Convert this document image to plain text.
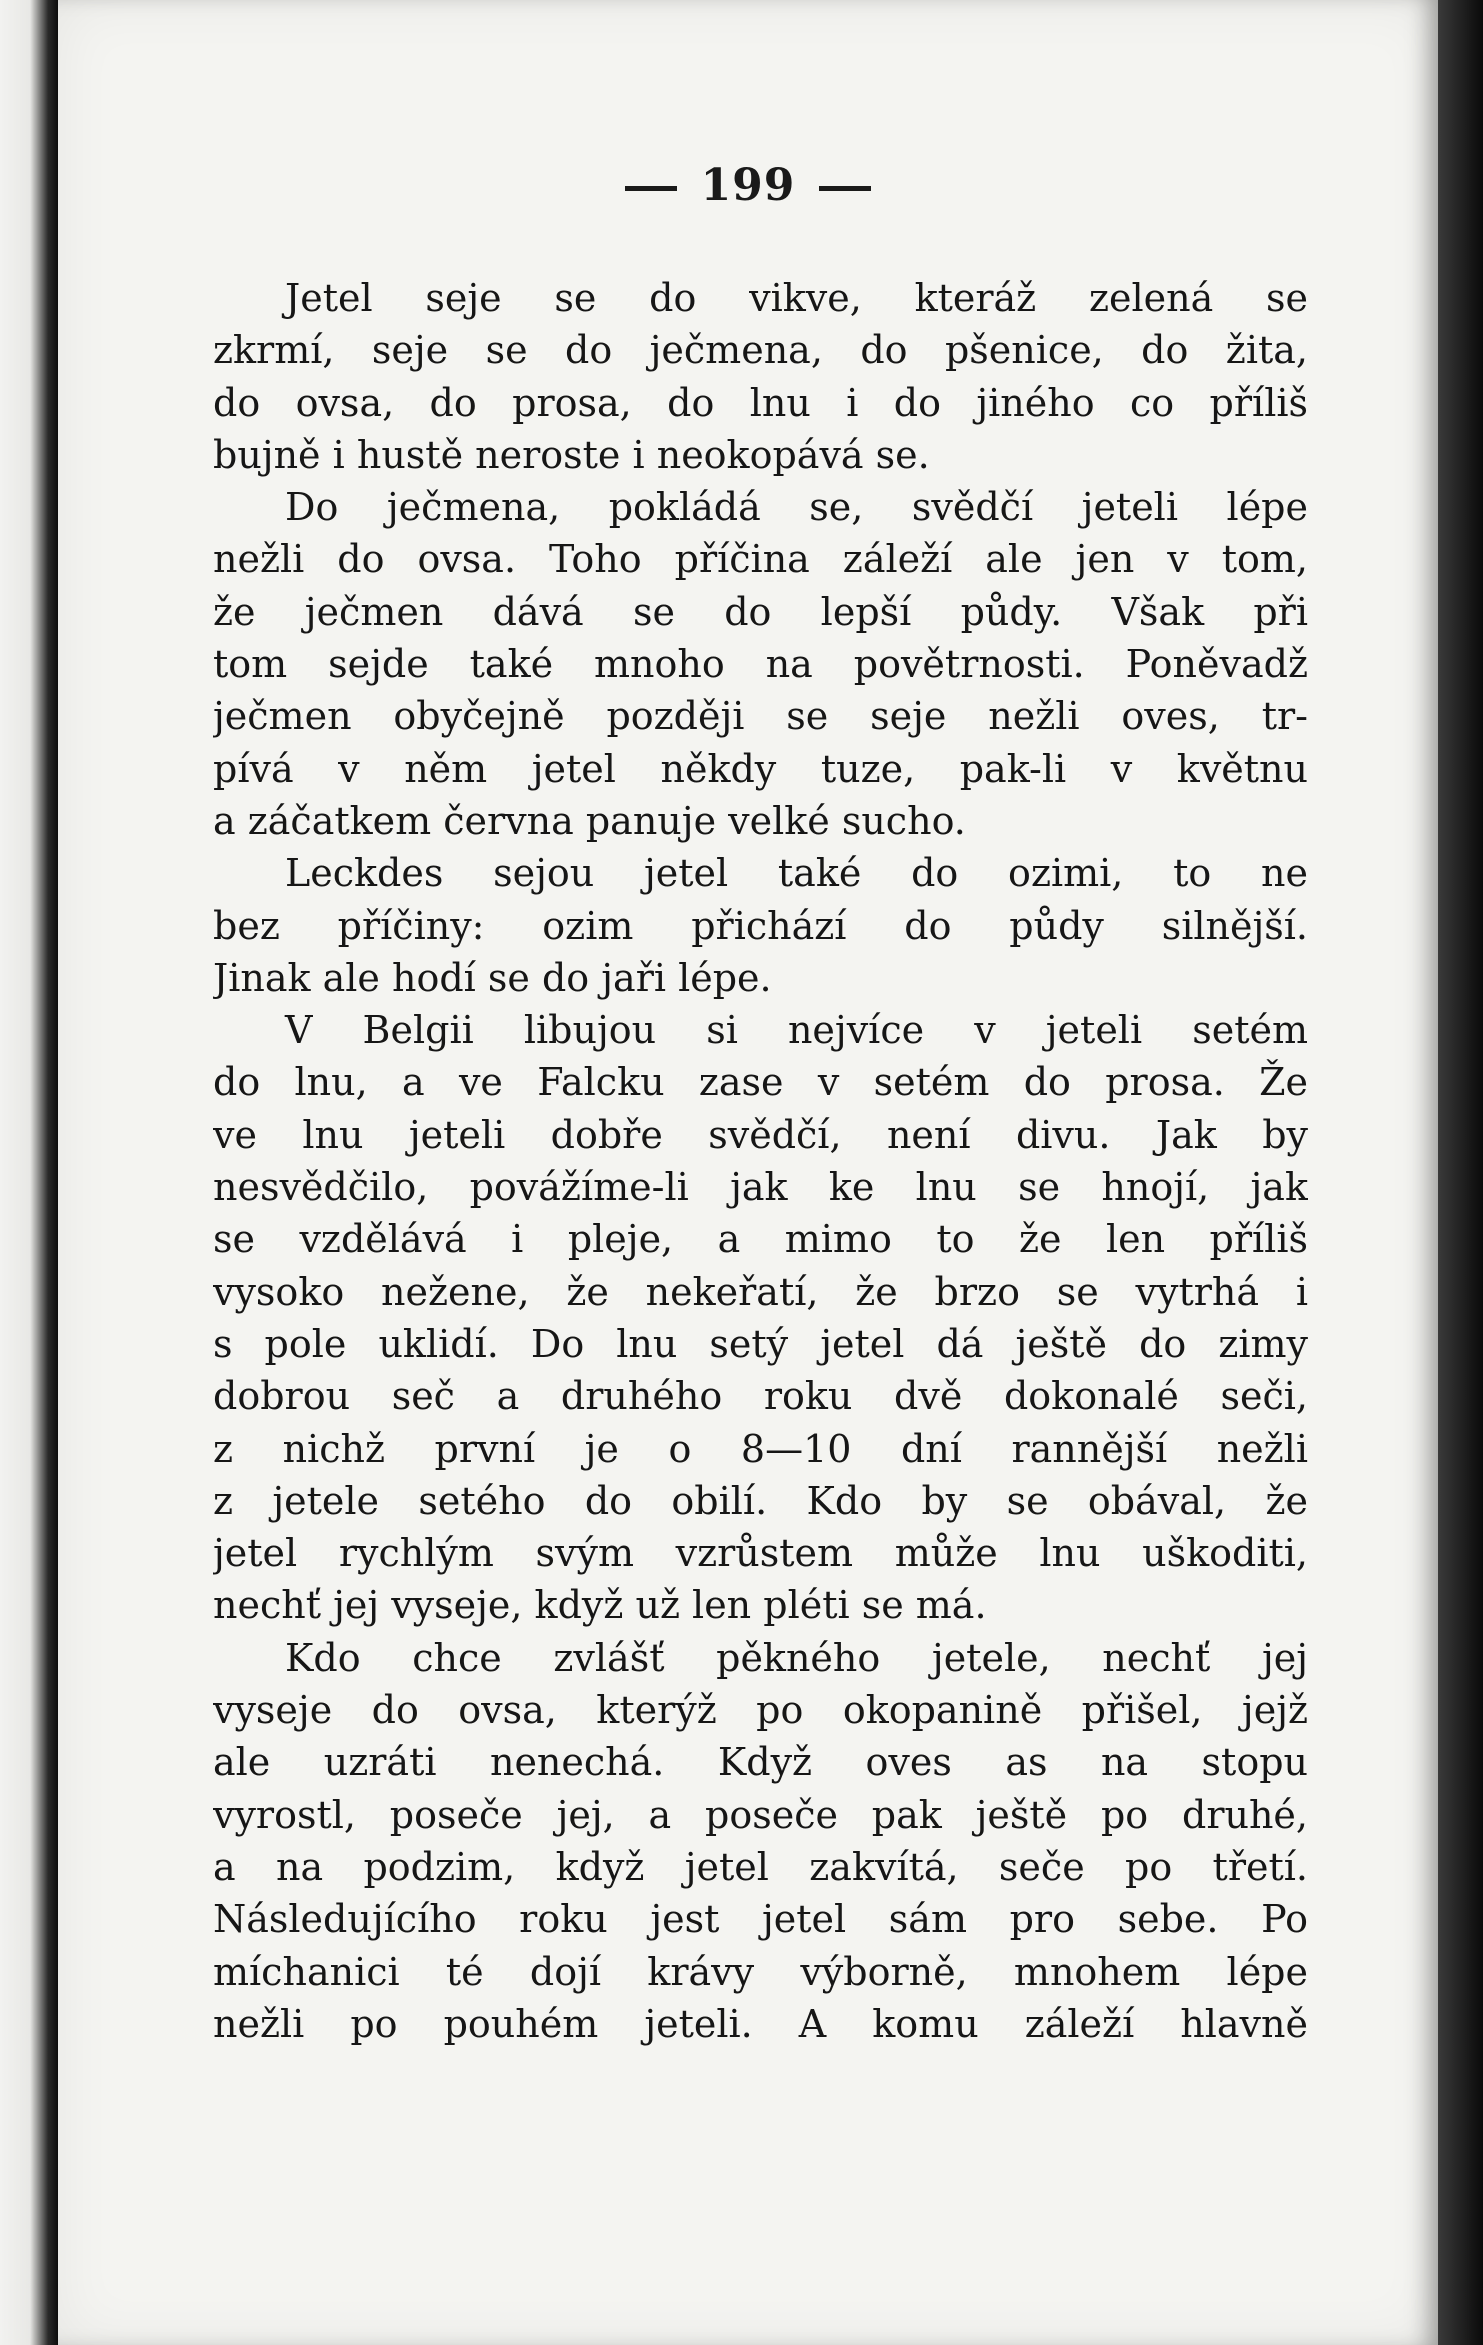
199
Jetel seje se do vikve, kteráž zelená se
zkrmí, seje se do ječmena, do pšenice, do žita,
do ovsa, do prosa, do lnu i do jiného co příliš
bujně i hustě neroste i neokopává se.
Do ječmena, pokládá se, svědčí jeteli lépe
nežli do ovsa. Toho příčina záleží ale jen v tom,
že ječmen dává se do lepší půdy. Však při
tom sejde také mnoho na povětrnosti. Poněvadž
ječmen obyčejně později se seje nežli oves, tr-
pívá v něm jetel někdy tuze, pak-li v květnu
a záčatkem června panuje velké sucho.
Leckdes sejou jetel také do ozimi, to ne
bez příčiny: ozim přichází do půdy silnější.
Jinak ale hodí se do jaři lépe.
V Belgii libujou si nejvíce v jeteli setém
do lnu, a ve Falcku zase v setém do prosa. Že
ve lnu jeteli dobře svědčí, není divu. Jak by
nesvědčilo, povážíme-li jak ke lnu se hnojí, jak
se vzdělává i pleje, a mimo to že len příliš
vysoko nežene, že nekeřatí, že brzo se vytrhá i
s pole uklidí. Do lnu setý jetel dá ještě do zimy
dobrou seč a druhého roku dvě dokonalé seči,
z nichž první je o 8—10 dní rannější nežli
z jetele setého do obilí. Kdo by se obával, že
jetel rychlým svým vzrůstem může lnu uškoditi,
nechť jej vyseje, když už len pléti se má.
Kdo chce zvlášť pěkného jetele, nechť jej
vyseje do ovsa, kterýž po okopanině přišel, jejž
ale uzráti nenechá. Když oves as na stopu
vyrostl, poseče jej, a poseče pak ještě po druhé,
a na podzim, když jetel zakvítá, seče po třetí.
Následujícího roku jest jetel sám pro sebe. Po
míchanici té dojí krávy výborně, mnohem lépe
nežli po pouhém jeteli. A komu záleží hlavně
